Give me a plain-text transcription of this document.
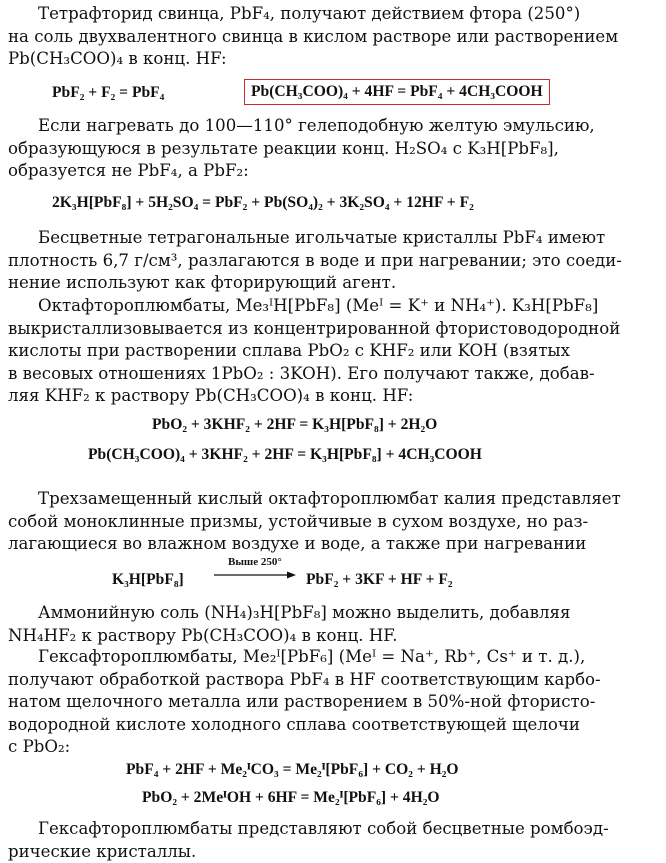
Тетрафторид свинца, PbF₄, получают действием фтора (250°)
на соль двухвалентного свинца в кислом растворе или растворением
Pb(CH₃COO)₄ в конц. HF:
PbF₂ + F₂ = PbF₄	Pb(CH₃COO)₄ + 4HF = PbF₄ + 4CH₃COOH
Если нагревать до 100—110° гелеподобную желтую эмульсию,
образующуюся в результате реакции конц. H₂SO₄ с K₃H[PbF₈],
образуется не PbF₄, а PbF₂:
2K₃H[PbF₈] + 5H₂SO₄ = PbF₂ + Pb(SO₄)₂ + 3K₂SO₄ + 12HF + F₂
Бесцветные тетрагональные игольчатые кристаллы PbF₄ имеют
плотность 6,7 г/см³, разлагаются в воде и при нагревании; это соеди-
нение используют как фторирующий агент.
Октафтороплюмбаты, Me₃ᴵH[PbF₈] (Meᴵ = K⁺ и NH₄⁺). K₃H[PbF₈]
выкристаллизовывается из концентрированной фтористоводородной
кислоты при растворении сплава PbO₂ с KHF₂ или KOH (взятых
в весовых отношениях 1PbO₂ : 3KOH). Его получают также, добав-
ляя KHF₂ к раствору Pb(CH₃COO)₄ в конц. HF:
PbO₂ + 3KHF₂ + 2HF = K₃H[PbF₈] + 2H₂O
Pb(CH₃COO)₄ + 3KHF₂ + 2HF = K₃H[PbF₈] + 4CH₃COOH
Трехзамещенный кислый октафтороплюмбат калия представляет
собой моноклинные призмы, устойчивые в сухом воздухе, но раз-
лагающиеся во влажном воздухе и воде, а также при нагревании
K₃H[PbF₈]
Выше 250°
PbF₂ + 3KF + HF + F₂
Аммонийную соль (NH₄)₃H[PbF₈] можно выделить, добавляя
NH₄HF₂ к раствору Pb(CH₃COO)₄ в конц. HF.
Гексафтороплюмбаты, Me₂ᴵ[PbF₆] (Meᴵ = Na⁺, Rb⁺, Cs⁺ и т. д.),
получают обработкой раствора PbF₄ в HF соответствующим карбо-
натом щелочного металла или растворением в 50%-ной фтористо-
водородной кислоте холодного сплава соответствующей щелочи
с PbO₂:
PbF₄ + 2HF + Me₂ᴵCO₃ = Me₂ᴵ[PbF₆] + CO₂ + H₂O
PbO₂ + 2MeᴵOH + 6HF = Me₂ᴵ[PbF₆] + 4H₂O
Гексафтороплюмбаты представляют собой бесцветные ромбоэд-
рические кристаллы.
